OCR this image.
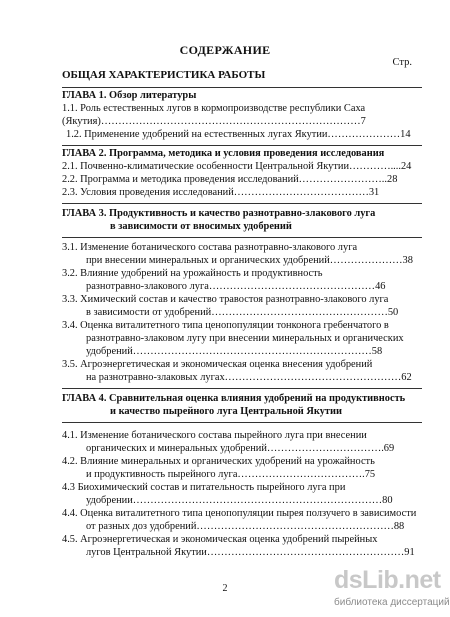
СОДЕРЖАНИЕ
Стр.
ОБЩАЯ ХАРАКТЕРИСТИКА РАБОТЫ
ГЛАВА 1. Обзор литературы
1.1. Роль естественных лугов в кормопроизводстве республики Саха
(Якутия)…………………………………………………………………7
1.2. Применение удобрений на естественных лугах Якутии…………………14
ГЛАВА 2. Программа, методика и условия проведения исследования
2.1. Почвенно-климатические особенности Центральной Якутии…………....24
2.2. Программа и методика проведения исследований……………………..28
2.3. Условия проведения исследований…………………………………31
ГЛАВА 3. Продуктивность и качество разнотравно-злакового луга
в зависимости от вносимых удобрений
3.1. Изменение ботанического состава разнотравно-злакового луга
при внесении минеральных и органических удобрений…………………38
3.2. Влияние удобрений на урожайность и продуктивность
разнотравно-злакового луга…………………………………………46
3.3. Химический состав и качество травостоя разнотравно-злакового луга
в зависимости от удобрений……………………………………………50
3.4. Оценка виталитетного типа ценопопуляции тонконога гребенчатого в
разнотравно-злаковом лугу при внесении минеральных и органических
удобрений……………………………………………………………58
3.5. Агроэнергетическая и экономическая оценка внесения удобрений
на разнотравно-злаковых лугах……………………………………………62
ГЛАВА 4. Сравнительная оценка влияния удобрений на продуктивность
и качество пырейного луга Центральной Якутии
4.1. Изменение ботанического состава пырейного луга при внесении
органических и минеральных удобрений…………………………….69
4.2. Влияние минеральных и органических удобрений на урожайность
и продуктивность пырейного луга……………………………….75
4.3 Биохимический состав и питательность пырейного луга при
удобрении………………………………………………………………80
4.4. Оценка виталитетного типа ценопопуляции пырея ползучего в зависимости
от разных доз удобрений…………………………………………………88
4.5. Агроэнергетическая и экономическая оценка удобрений пырейных
лугов Центральной Якутии…………………………………………………91
2	dsLib.net
библиотека диссертаций
